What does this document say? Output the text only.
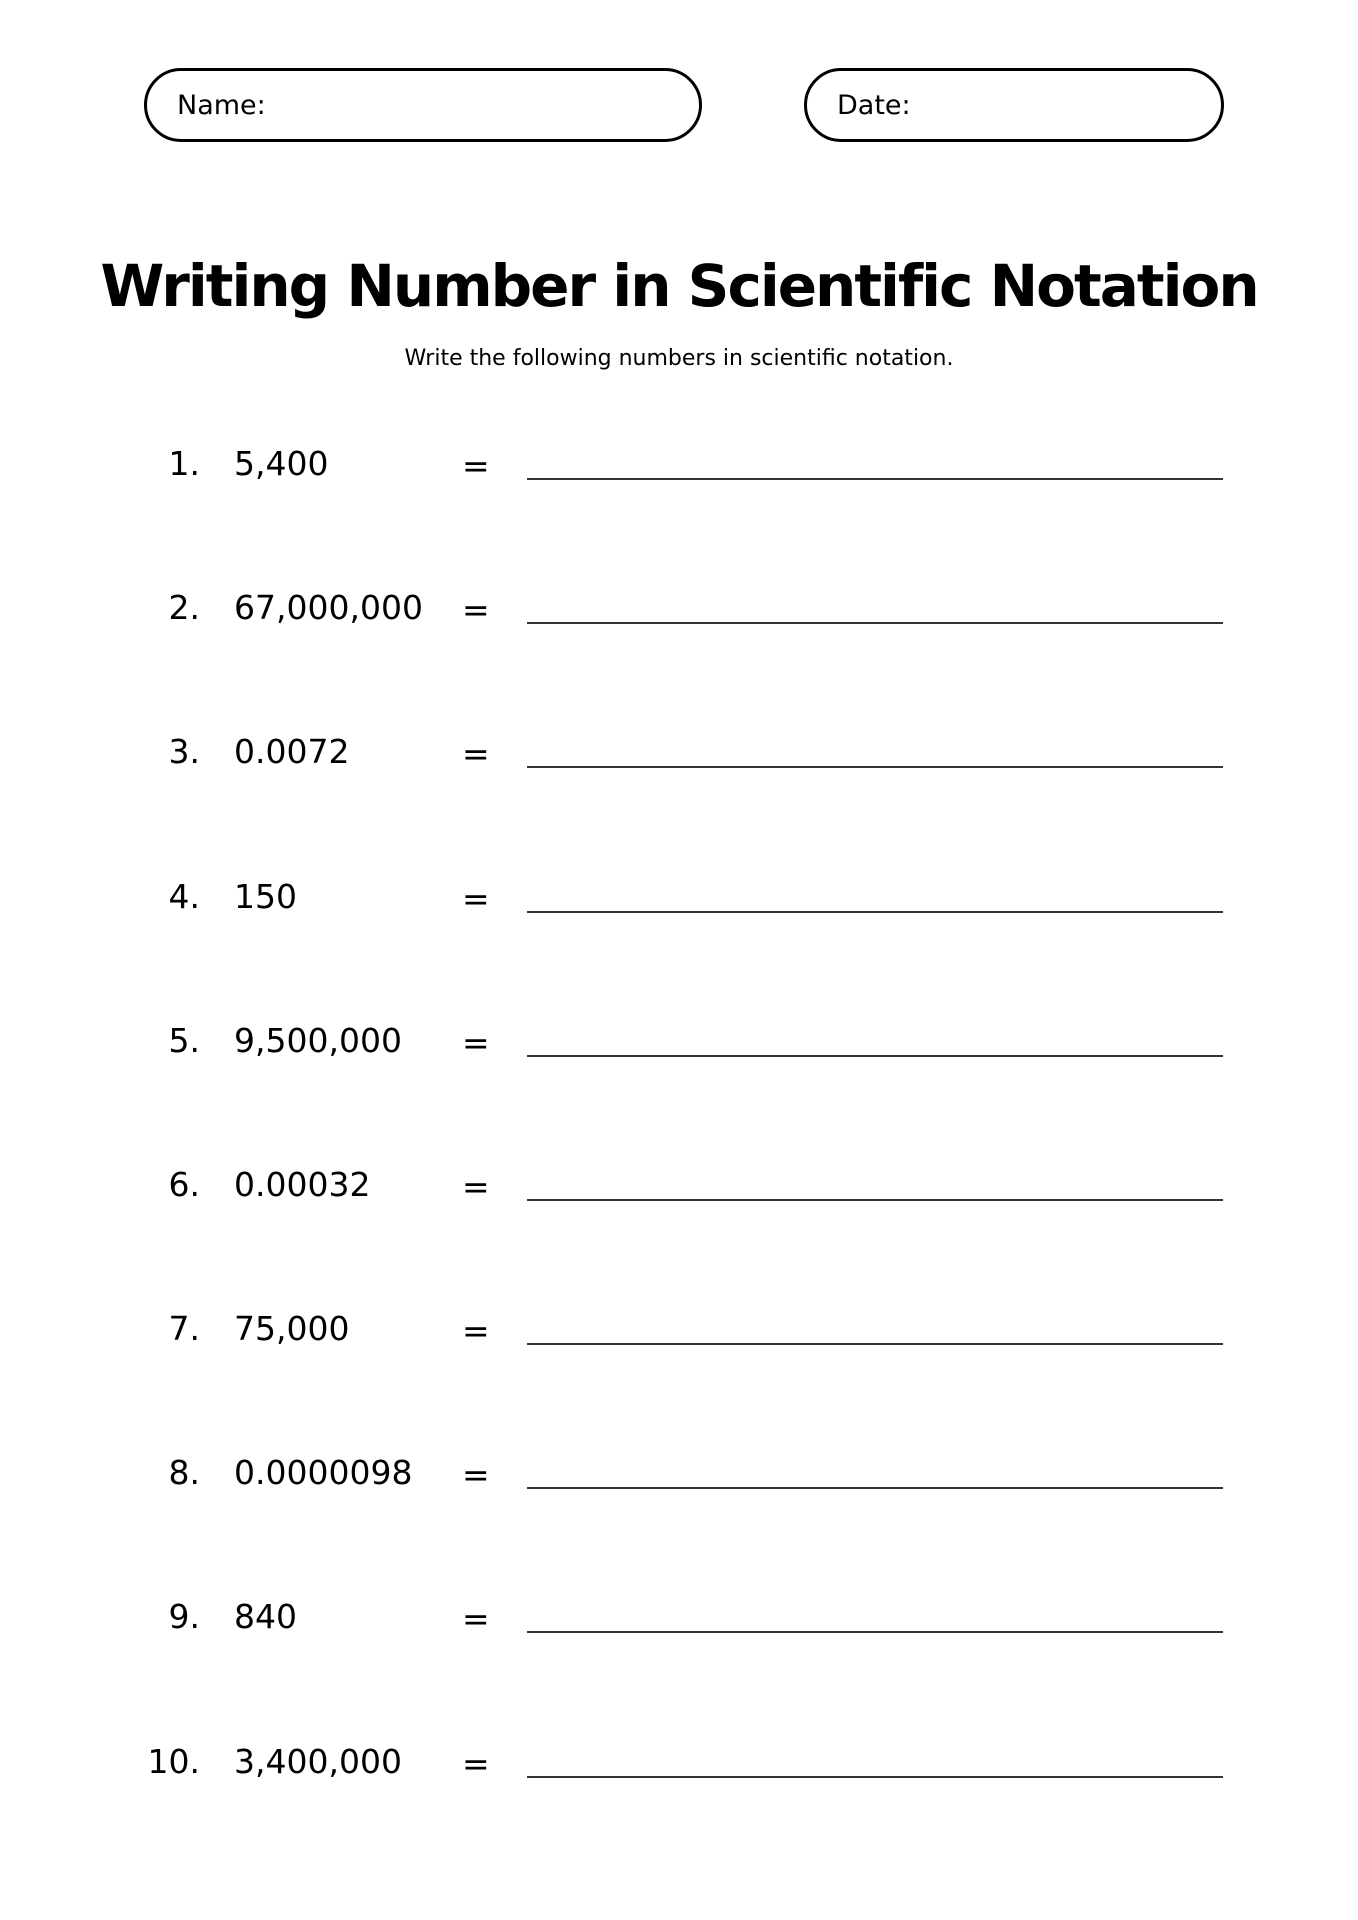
Name:	Date:
Writing Number in Scientific Notation

Write the following numbers in scientific notation.

1. 5,400	=
2. 67,000,000 =
3. 0.0072	=
4. 150	=
5. 9,500,000 =
6. 0.00032	=
7. 75,000	=
8. 0.0000098 =
9. 840	=
10. 3,400,000 =
